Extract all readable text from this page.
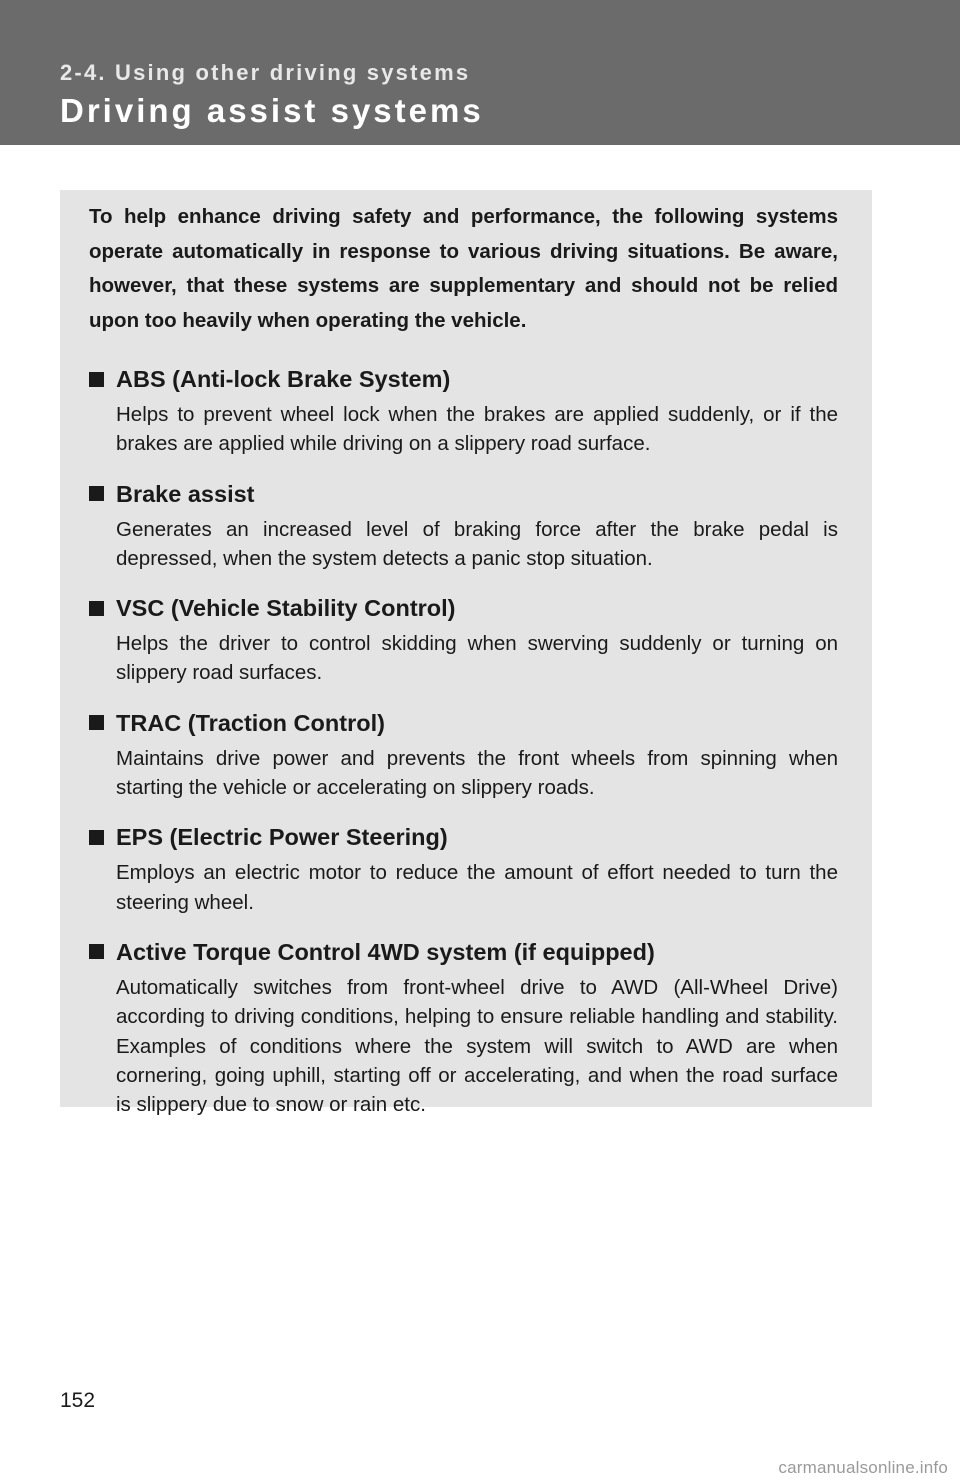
2-4. Using other driving systems
Driving assist systems

To help enhance driving safety and performance, the following systems operate automatically in response to various driving situations. Be aware, however, that these systems are supplementary and should not be relied upon too heavily when operating the vehicle.

ABS (Anti-lock Brake System)

Helps to prevent wheel lock when the brakes are applied suddenly, or if the brakes are applied while driving on a slippery road surface.

Brake assist

Generates an increased level of braking force after the brake pedal is depressed, when the system detects a panic stop situation.

VSC (Vehicle Stability Control)

Helps the driver to control skidding when swerving suddenly or turning on slippery road surfaces.

TRAC (Traction Control)

Maintains drive power and prevents the front wheels from spinning when starting the vehicle or accelerating on slippery roads.

EPS (Electric Power Steering)

Employs an electric motor to reduce the amount of effort needed to turn the steering wheel.

Active Torque Control 4WD system (if equipped)

Automatically switches from front-wheel drive to AWD (All-Wheel Drive) according to driving conditions, helping to ensure reliable handling and stability. Examples of conditions where the system will switch to AWD are when cornering, going uphill, starting off or accelerating, and when the road surface is slippery due to snow or rain etc.

152
carmanualsonline.info
